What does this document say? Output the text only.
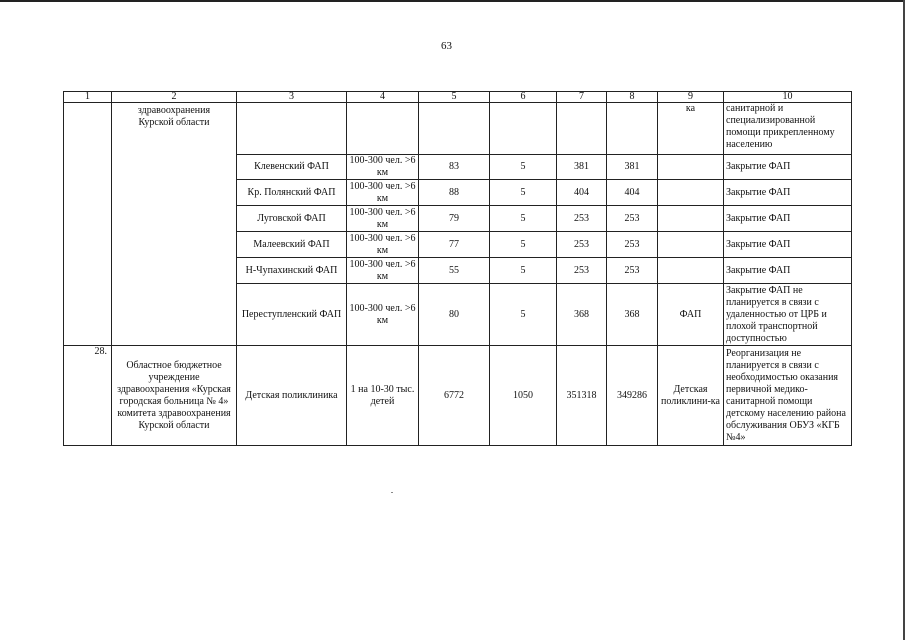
63
1	2	3	4	5	6	7	8	9	10
	здравоохранения Курской области							ка	санитарной и специализированной помощи прикрепленному населению
		Клевенский ФАП	100-300 чел. >6 км	83	5	381	381		Закрытие ФАП
		Кр. Полянский ФАП	100-300 чел. >6 км	88	5	404	404		Закрытие ФАП
		Луговской ФАП	100-300 чел. >6 км	79	5	253	253		Закрытие ФАП
		Малеевский ФАП	100-300 чел. >6 км	77	5	253	253		Закрытие ФАП
		Н-Чупахинский ФАП	100-300 чел. >6 км	55	5	253	253		Закрытие ФАП
		Переступленский ФАП	100-300 чел. >6 км	80	5	368	368	ФАП	Закрытие ФАП не планируется в связи с удаленностью от ЦРБ и плохой транспортной доступностью
28.	Областное бюджетное учреждение здравоохранения «Курская городская больница № 4» комитета здравоохранения Курской области	Детская поликлиника	1 на 10-30 тыс. детей	6772	1050	351318	349286	Детская поликлини-ка	Реорганизация не планируется в связи с необходимостью оказания первичной медико-санитарной помощи детскому населению района обслуживания ОБУЗ «КГБ №4»
